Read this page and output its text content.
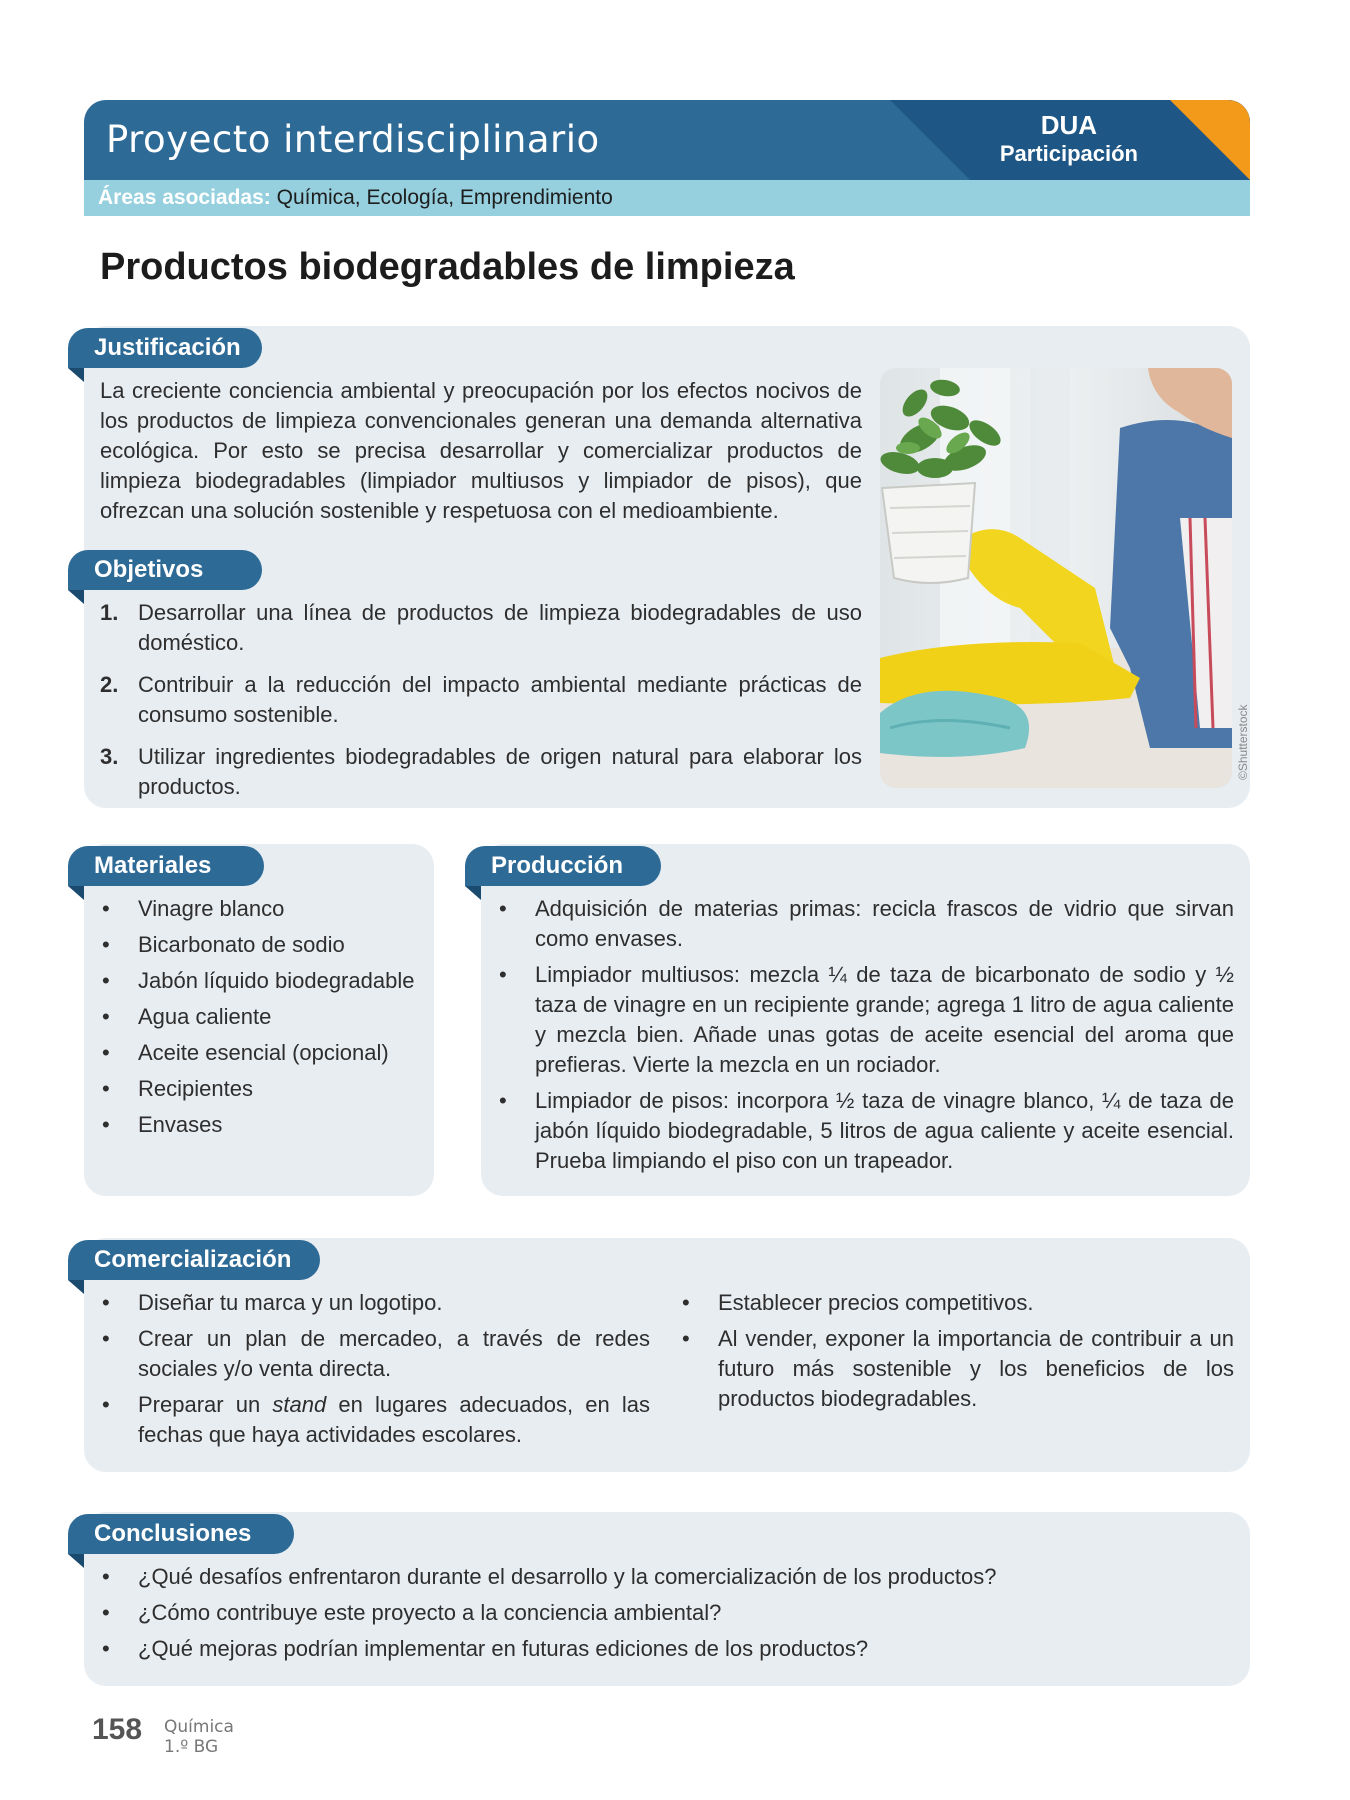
Proyecto interdisciplinario	DUA
Participación
Áreas asociadas: Química, Ecología, Emprendimiento
Productos biodegradables de limpieza
Justificación
La creciente conciencia ambiental y preocupación por los efectos nocivos de los productos de limpieza convencionales generan una demanda alternativa ecológica. Por esto se precisa desarrollar y comercializar productos de limpieza biodegradables (limpiador multiusos y limpiador de pisos), que ofrezcan una solución sostenible y respetuosa con el medioambiente.
Objetivos
1. Desarrollar una línea de productos de limpieza biodegradables de uso doméstico.
2. Contribuir a la reducción del impacto ambiental mediante prácticas de consumo sostenible.
3. Utilizar ingredientes biodegradables de origen natural para elaborar los productos.
©Shutterstock
Materiales
• Vinagre blanco
• Bicarbonato de sodio
• Jabón líquido biodegradable
• Agua caliente
• Aceite esencial (opcional)
• Recipientes
• Envases
Producción
• Adquisición de materias primas: recicla frascos de vidrio que sirvan como envases.
• Limpiador multiusos: mezcla ¼ de taza de bicarbonato de sodio y ½ taza de vinagre en un recipiente grande; agrega 1 litro de agua caliente y mezcla bien. Añade unas gotas de aceite esencial del aroma que prefieras. Vierte la mezcla en un rociador.
• Limpiador de pisos: incorpora ½ taza de vinagre blanco, ¼ de taza de jabón líquido biodegradable, 5 litros de agua caliente y aceite esencial. Prueba limpiando el piso con un trapeador.
Comercialización
• Diseñar tu marca y un logotipo.
• Crear un plan de mercadeo, a través de redes sociales y/o venta directa.
• Preparar un stand en lugares adecuados, en las fechas que haya actividades escolares.
• Establecer precios competitivos.
• Al vender, exponer la importancia de contribuir a un futuro más sostenible y los beneficios de los productos biodegradables.
Conclusiones
• ¿Qué desafíos enfrentaron durante el desarrollo y la comercialización de los productos?
• ¿Cómo contribuye este proyecto a la conciencia ambiental?
• ¿Qué mejoras podrían implementar en futuras ediciones de los productos?
158 Química
1.º BG
